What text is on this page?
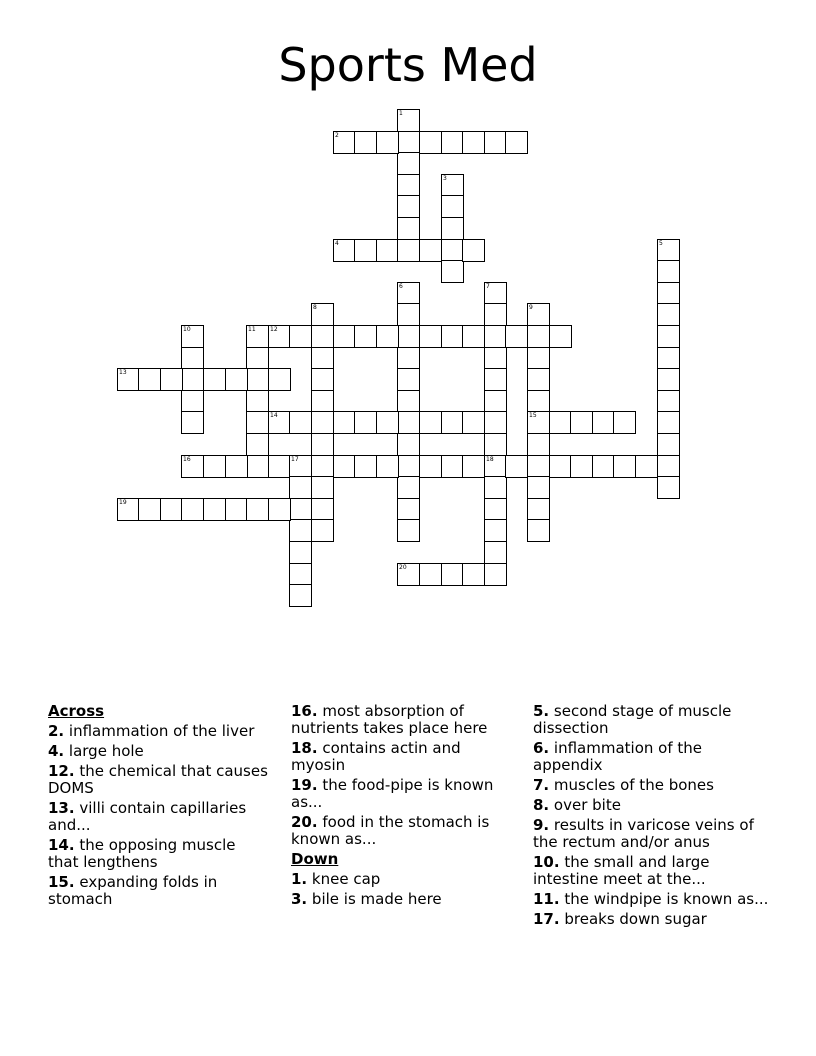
Sports Med
1
2
3
4	5
6	7
18
8	9
15
10	11 12
13
14
16	17
19
20
Across
2. inflammation of the liver
4. large hole
12. the chemical that causes DOMS
13. villi contain capillaries and...
14. the opposing muscle that lengthens
15. expanding folds in stomach
16. most absorption of nutrients takes place here
18. contains actin and myosin
19. the food-pipe is known as...
20. food in the stomach is known as...
Down
1. knee cap
3. bile is made here
5. second stage of muscle dissection
6. inflammation of the appendix
7. muscles of the bones
8. over bite
9. results in varicose veins of the rectum and/or anus
10. the small and large intestine meet at the...
11. the windpipe is known as...
17. breaks down sugar
